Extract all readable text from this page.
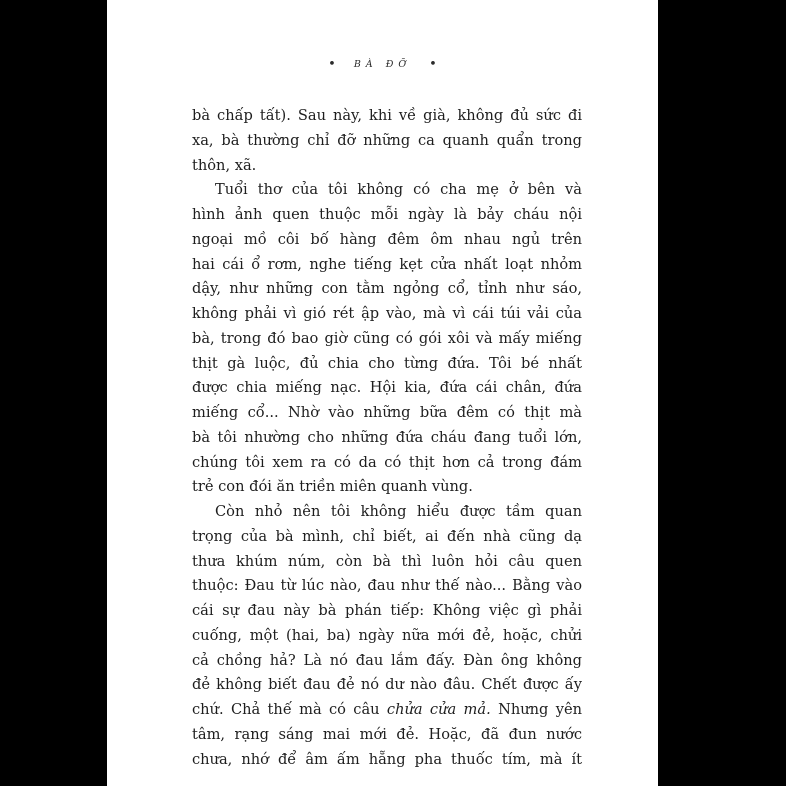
• BÀ ĐỠ •
bà chấp tất). Sau này, khi về già, không đủ sức đi
xa, bà thường chỉ đỡ những ca quanh quẩn trong
thôn, xã.
Tuổi thơ của tôi không có cha mẹ ở bên và
hình ảnh quen thuộc mỗi ngày là bảy cháu nội
ngoại mồ côi bố hàng đêm ôm nhau ngủ trên
hai cái ổ rơm, nghe tiếng kẹt cửa nhất loạt nhỏm
dậy, như những con tằm ngỏng cổ, tỉnh như sáo,
không phải vì gió rét ập vào, mà vì cái túi vải của
bà, trong đó bao giờ cũng có gói xôi và mấy miếng
thịt gà luộc, đủ chia cho từng đứa. Tôi bé nhất
được chia miếng nạc. Hội kia, đứa cái chân, đứa
miếng cổ... Nhờ vào những bữa đêm có thịt mà
bà tôi nhường cho những đứa cháu đang tuổi lớn,
chúng tôi xem ra có da có thịt hơn cả trong đám
trẻ con đói ăn triền miên quanh vùng.
Còn nhỏ nên tôi không hiểu được tầm quan
trọng của bà mình, chỉ biết, ai đến nhà cũng dạ
thưa khúm núm, còn bà thì luôn hỏi câu quen
thuộc: Đau từ lúc nào, đau như thế nào... Bằng vào
cái sự đau này bà phán tiếp: Không việc gì phải
cuống, một (hai, ba) ngày nữa mới đẻ, hoặc, chửi
cả chồng hả? Là nó đau lắm đấy. Đàn ông không
đẻ không biết đau đẻ nó dư nào đâu. Chết được ấy
chứ. Chả thế mà có câu chửa cửa mả. Nhưng yên
tâm, rạng sáng mai mới đẻ. Hoặc, đã đun nước
chưa, nhớ để âm ấm hẵng pha thuốc tím, mà ít
